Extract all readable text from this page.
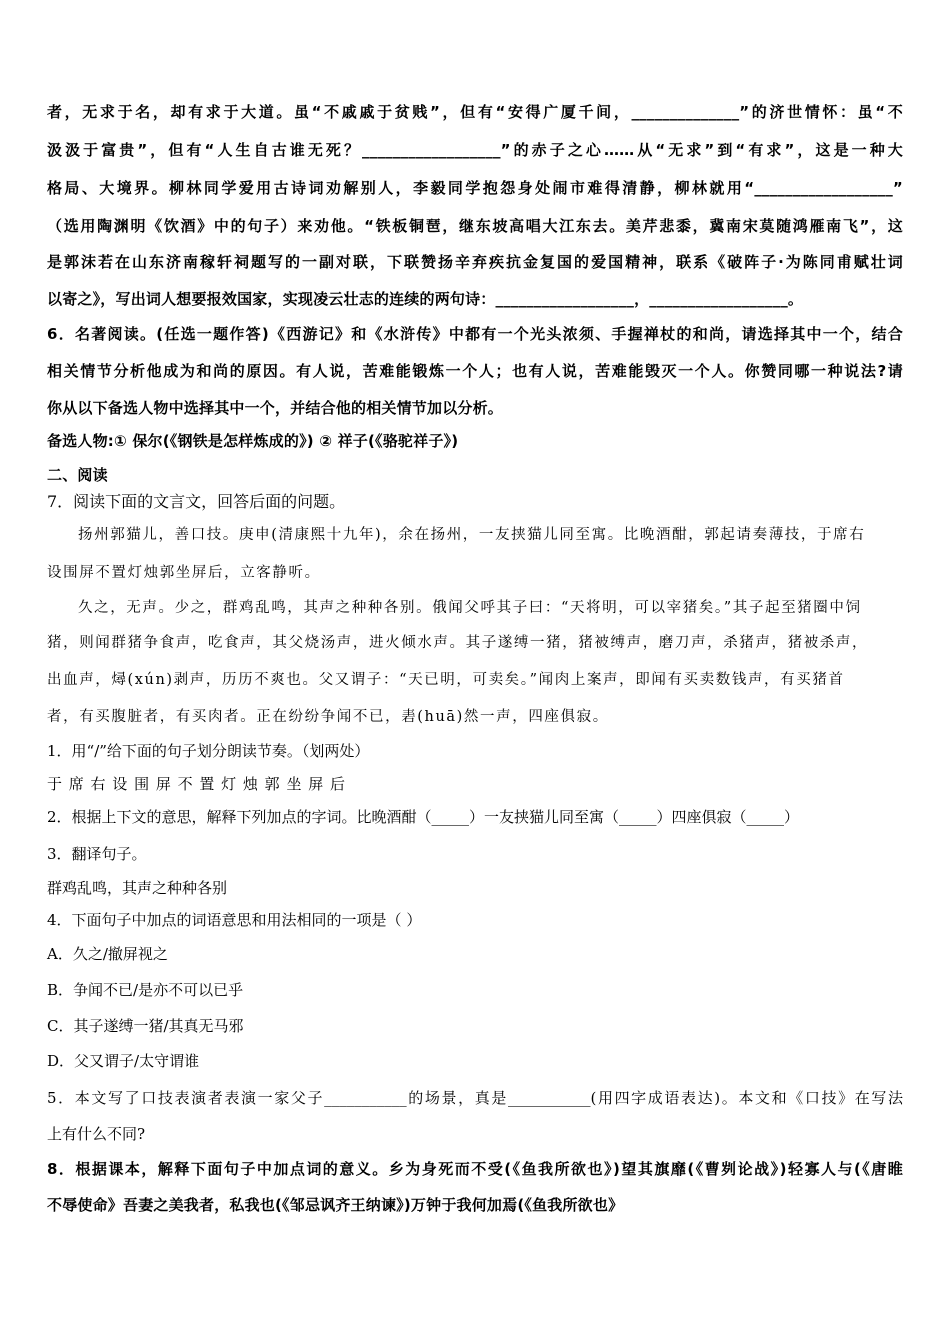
者，无求于名，却有求于大道。虽“不戚戚于贫贱”，但有“安得广厦千间，______________”的济世情怀：虽“不
汲汲于富贵”，但有“人生自古谁无死？__________________”的赤子之心……从“无求”到“有求”，这是一种大
格局、大境界。柳林同学爱用古诗词劝解别人，李毅同学抱怨身处闹市难得清静，柳林就用“__________________”
（选用陶渊明《饮酒》中的句子）来劝他。“铁板铜琶，继东坡高唱大江东去。美芹悲黍，冀南宋莫随鸿雁南飞”，这
是郭沫若在山东济南稼轩祠题写的一副对联，下联赞扬辛弃疾抗金复国的爱国精神，联系《破阵子·为陈同甫赋壮词
以寄之》，写出词人想要报效国家，实现凌云壮志的连续的两句诗：__________________，__________________。
6．名著阅读。(任选一题作答)《西游记》和《水浒传》中都有一个光头浓须、手握禅杖的和尚，请选择其中一个，结合
相关情节分析他成为和尚的原因。有人说，苦难能锻炼一个人；也有人说，苦难能毁灭一个人。你赞同哪一种说法?请
你从以下备选人物中选择其中一个，并结合他的相关情节加以分析。
备选人物:① 保尔(《钢铁是怎样炼成的》) ② 祥子(《骆驼祥子》)
二、阅读
7．阅读下面的文言文，回答后面的问题。
扬州郭猫儿，善口技。庚申(清康熙十九年)，余在扬州，一友挟猫儿同至寓。比晚酒酣，郭起请奏薄技，于席右
设围屏不置灯烛郭坐屏后，立客静听。
久之，无声。少之，群鸡乱鸣，其声之种种各别。俄闻父呼其子曰：“天将明，可以宰猪矣。”其子起至猪圈中饲
猪，则闻群猪争食声，吃食声，其父烧汤声，进火倾水声。其子遂缚一猪，猪被缚声，磨刀声，杀猪声，猪被杀声，
出血声，燖(xún)剥声，历历不爽也。父又谓子：“天已明，可卖矣。”闻肉上案声，即闻有买卖数钱声，有买猪首
者，有买腹脏者，有买肉者。正在纷纷争闻不已，砉(huā)然一声，四座俱寂。
1．用“/”给下面的句子划分朗读节奏。（划两处）
于 席 右 设 围 屏 不 置 灯 烛 郭 坐 屏 后
2．根据上下文的意思，解释下列加点的字词。比晚酒酣（_____）一友挟猫儿同至寓（_____）四座俱寂（_____）
3．翻译句子。
群鸡乱鸣，其声之种种各别
4．下面句子中加点的词语意思和用法相同的一项是（ ）
A．久之/撤屏视之
B．争闻不已/是亦不可以已乎
C．其子遂缚一猪/其真无马邪
D．父又谓子/太守谓谁
5．本文写了口技表演者表演一家父子___________的场景，真是___________(用四字成语表达)。本文和《口技》在写法
上有什么不同?
8．根据课本，解释下面句子中加点词的意义。乡为身死而不受(《鱼我所欲也》)望其旗靡(《曹刿论战》)轻寡人与(《唐睢
不辱使命》吾妻之美我者，私我也(《邹忌讽齐王纳谏》)万钟于我何加焉(《鱼我所欲也》
